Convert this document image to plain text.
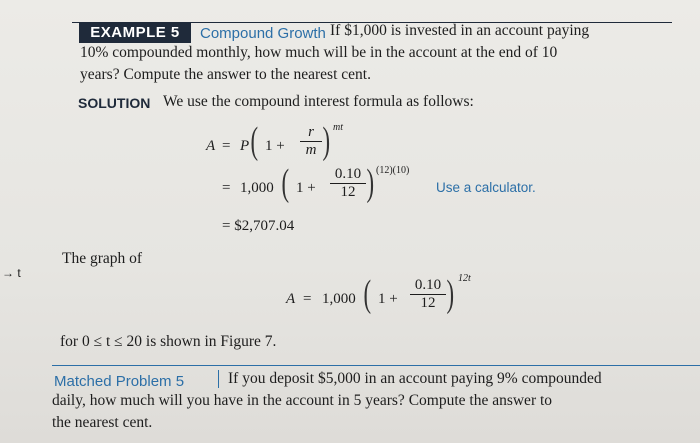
→ t
EXAMPLE 5	Compound Growth If $1,000 is invested in an account paying
10% compounded monthly, how much will be in the account at the end of 10
years? Compute the answer to the nearest cent.
SOLUTION We use the compound interest formula as follows:
A = P ( $1 + \frac{r}{m}$ ) mt
= 1,000 ( $1 + \frac{0.10}{12}$ ) (12)(10)
Use a calculator.
= $2,707.04
The graph of
A = 1,000 ( $1 + \frac{0.10}{12}$ ) 12t
for 0 ≤ t ≤ 20 is shown in Figure 7.
Matched Problem 5	If you deposit $5,000 in an account paying 9% compounded
daily, how much will you have in the account in 5 years? Compute the answer to
the nearest cent.
